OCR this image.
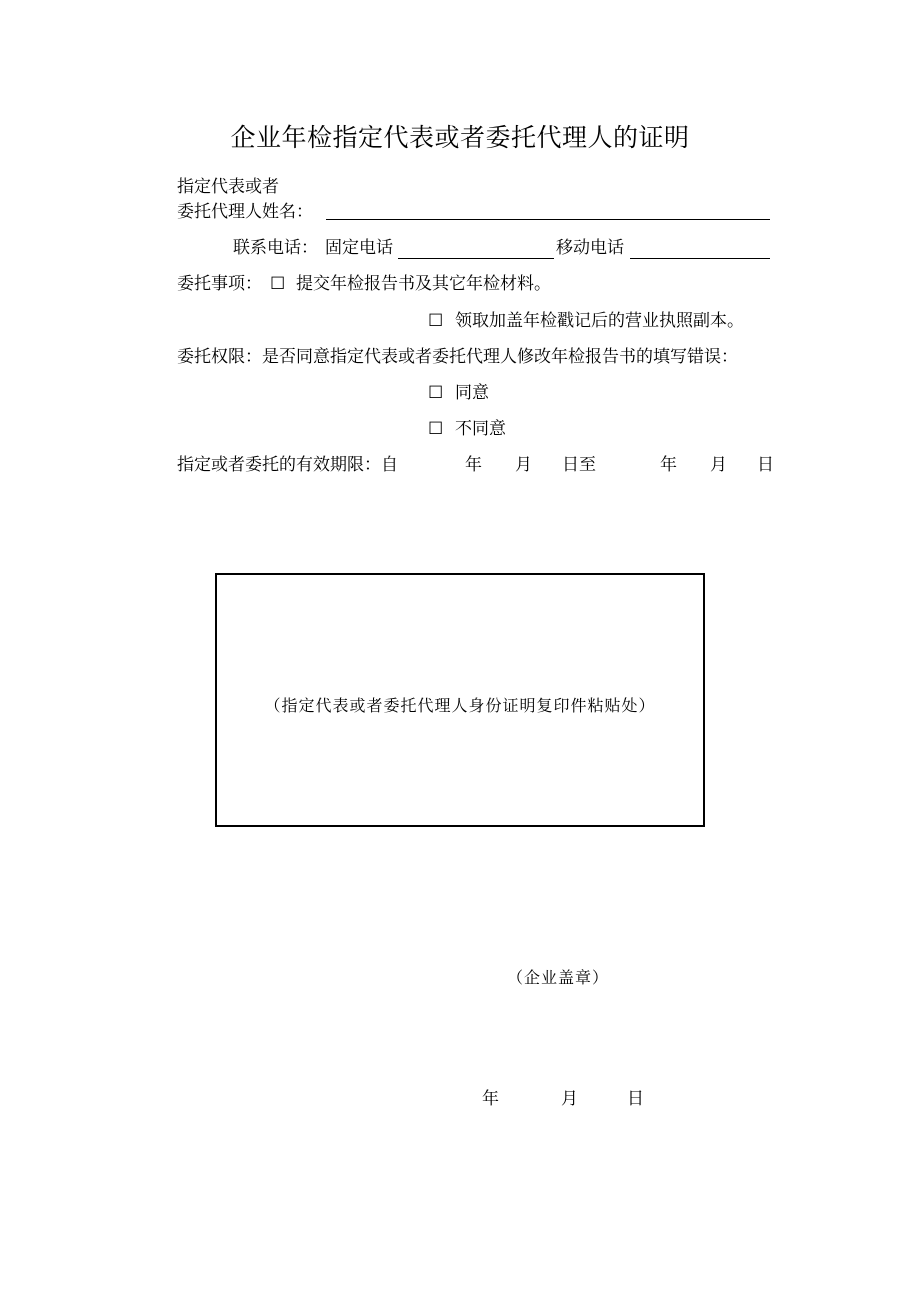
企业年检指定代表或者委托代理人的证明
指定代表或者
委托代理人姓名：
联系电话： 固定电话	移动电话
委托事项： ☐ 提交年检报告书及其它年检材料。
☐ 领取加盖年检戳记后的营业执照副本。
委托权限：是否同意指定代表或者委托代理人修改年检报告书的填写错误：
☐ 同意
☐ 不同意
指定或者委托的有效期限：自	年 月 日至	年 月 日
（指定代表或者委托代理人身份证明复印件粘贴处）
（企业盖章）
年	月	日
